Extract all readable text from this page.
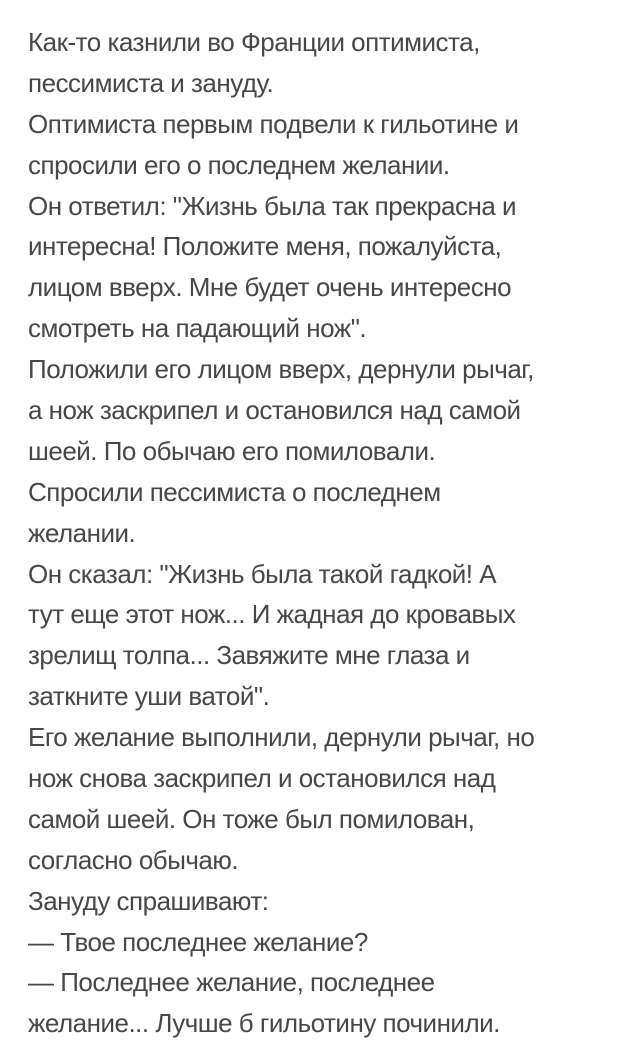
Как-то казнили во Франции оптимиста,
пессимиста и зануду.
Оптимиста первым подвели к гильотине и
спросили его о последнем желании.
Он ответил: "Жизнь была так прекрасна и
интересна! Положите меня, пожалуйста,
лицом вверх. Мне будет очень интересно
смотреть на падающий нож".
Положили его лицом вверх, дернули рычаг,
а нож заскрипел и остановился над самой
шеей. По обычаю его помиловали.
Спросили пессимиста о последнем
желании.
Он сказал: "Жизнь была такой гадкой! А
тут еще этот нож... И жадная до кровавых
зрелищ толпа... Завяжите мне глаза и
заткните уши ватой".
Его желание выполнили, дернули рычаг, но
нож снова заскрипел и остановился над
самой шеей. Он тоже был помилован,
согласно обычаю.
Зануду спрашивают:
— Твое последнее желание?
— Последнее желание, последнее
желание... Лучше б гильотину починили.
